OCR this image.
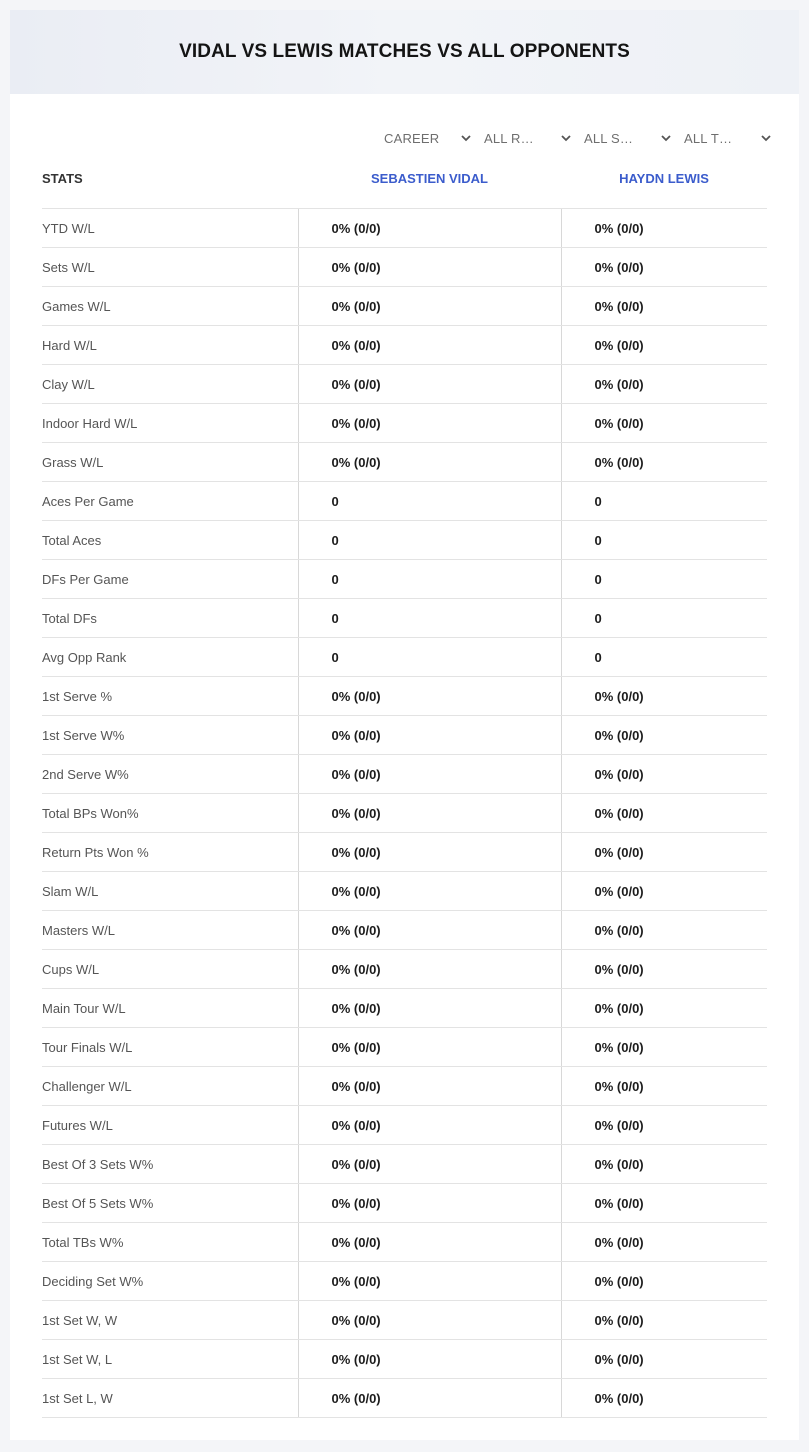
VIDAL VS LEWIS MATCHES VS ALL OPPONENTS
CAREER	ALL R…	ALL S…	ALL T…
STATS	SEBASTIEN VIDAL	HAYDN LEWIS
YTD W/L	0% (0/0)	0% (0/0)
Sets W/L	0% (0/0)	0% (0/0)
Games W/L	0% (0/0)	0% (0/0)
Hard W/L	0% (0/0)	0% (0/0)
Clay W/L	0% (0/0)	0% (0/0)
Indoor Hard W/L	0% (0/0)	0% (0/0)
Grass W/L	0% (0/0)	0% (0/0)
Aces Per Game	0	0
Total Aces	0	0
DFs Per Game	0	0
Total DFs	0	0
Avg Opp Rank	0	0
1st Serve %	0% (0/0)	0% (0/0)
1st Serve W%	0% (0/0)	0% (0/0)
2nd Serve W%	0% (0/0)	0% (0/0)
Total BPs Won%	0% (0/0)	0% (0/0)
Return Pts Won %	0% (0/0)	0% (0/0)
Slam W/L	0% (0/0)	0% (0/0)
Masters W/L	0% (0/0)	0% (0/0)
Cups W/L	0% (0/0)	0% (0/0)
Main Tour W/L	0% (0/0)	0% (0/0)
Tour Finals W/L	0% (0/0)	0% (0/0)
Challenger W/L	0% (0/0)	0% (0/0)
Futures W/L	0% (0/0)	0% (0/0)
Best Of 3 Sets W%	0% (0/0)	0% (0/0)
Best Of 5 Sets W%	0% (0/0)	0% (0/0)
Total TBs W%	0% (0/0)	0% (0/0)
Deciding Set W%	0% (0/0)	0% (0/0)
1st Set W, W	0% (0/0)	0% (0/0)
1st Set W, L	0% (0/0)	0% (0/0)
1st Set L, W	0% (0/0)	0% (0/0)
